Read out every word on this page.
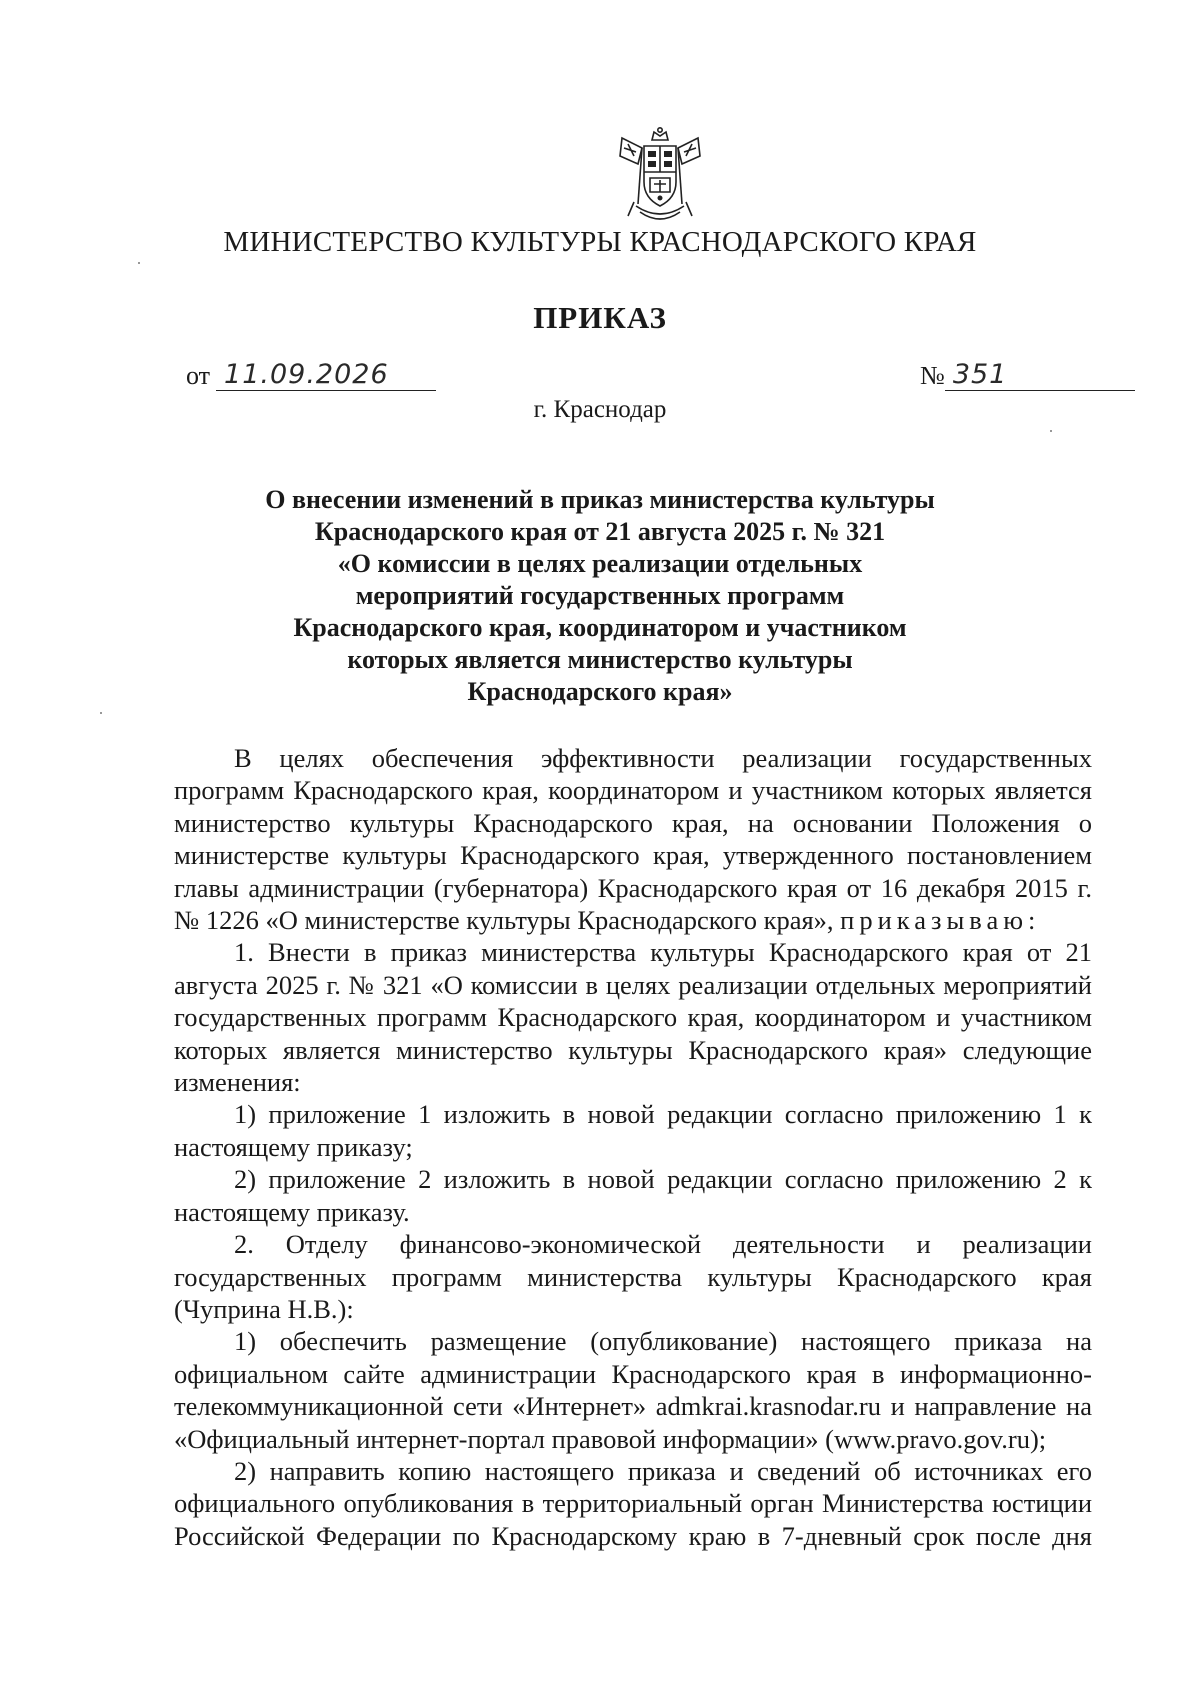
МИНИСТЕРСТВО КУЛЬТУРЫ КРАСНОДАРСКОГО КРАЯ
ПРИКАЗ
от 11.09.2026	№ 351
г. Краснодар
О внесении изменений в приказ министерства культуры
Краснодарского края от 21 августа 2025 г. № 321
«О комиссии в целях реализации отдельных
мероприятий государственных программ
Краснодарского края, координатором и участником
которых является министерство культуры
Краснодарского края»

В целях обеспечения эффективности реализации государственных программ Краснодарского края, координатором и участником которых является министерство культуры Краснодарского края, на основании Положения о министерстве культуры Краснодарского края, утвержденного постановлением главы администрации (губернатора) Краснодарского края от 16 декабря 2015 г. № 1226 «О министерстве культуры Краснодарского края», приказываю:

1. Внести в приказ министерства культуры Краснодарского края от 21 августа 2025 г. № 321 «О комиссии в целях реализации отдельных мероприятий государственных программ Краснодарского края, координатором и участником которых является министерство культуры Краснодарского края» следующие изменения:

1) приложение 1 изложить в новой редакции согласно приложению 1 к настоящему приказу;

2) приложение 2 изложить в новой редакции согласно приложению 2 к настоящему приказу.

2. Отделу финансово-экономической деятельности и реализации государственных программ министерства культуры Краснодарского края (Чуприна Н.В.):

1) обеспечить размещение (опубликование) настоящего приказа на официальном сайте администрации Краснодарского края в информационно-телекоммуникационной сети «Интернет» admkrai.krasnodar.ru и направление на «Официальный интернет-портал правовой информации» (www.pravo.gov.ru);

2) направить копию настоящего приказа и сведений об источниках его официального опубликования в территориальный орган Министерства юстиции Российской Федерации по Краснодарскому краю в 7-дневный срок после дня
